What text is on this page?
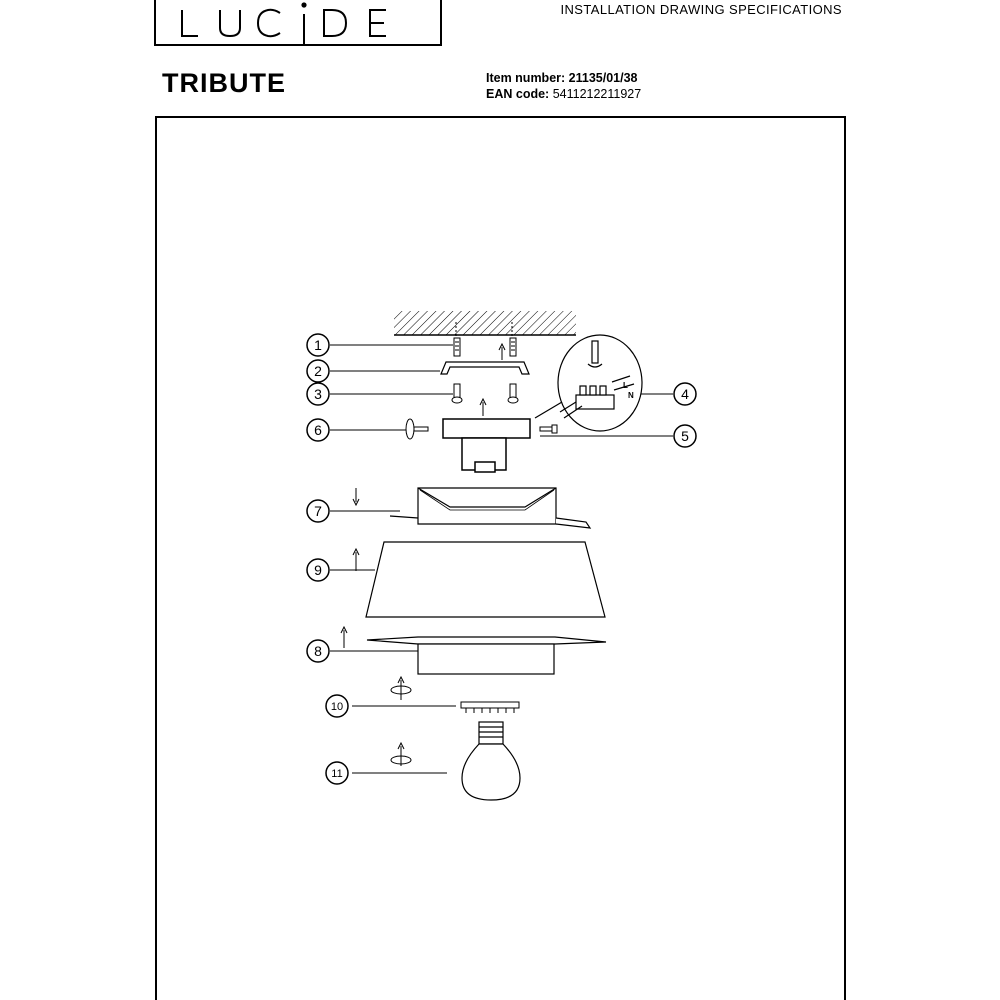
INSTALLATION DRAWING SPECIFICATIONS
TRIBUTE	Item number: 21135/01/38
EAN code: 5411212211927
L
N
1
2
3	4
5
6
7
8
9
10
11
